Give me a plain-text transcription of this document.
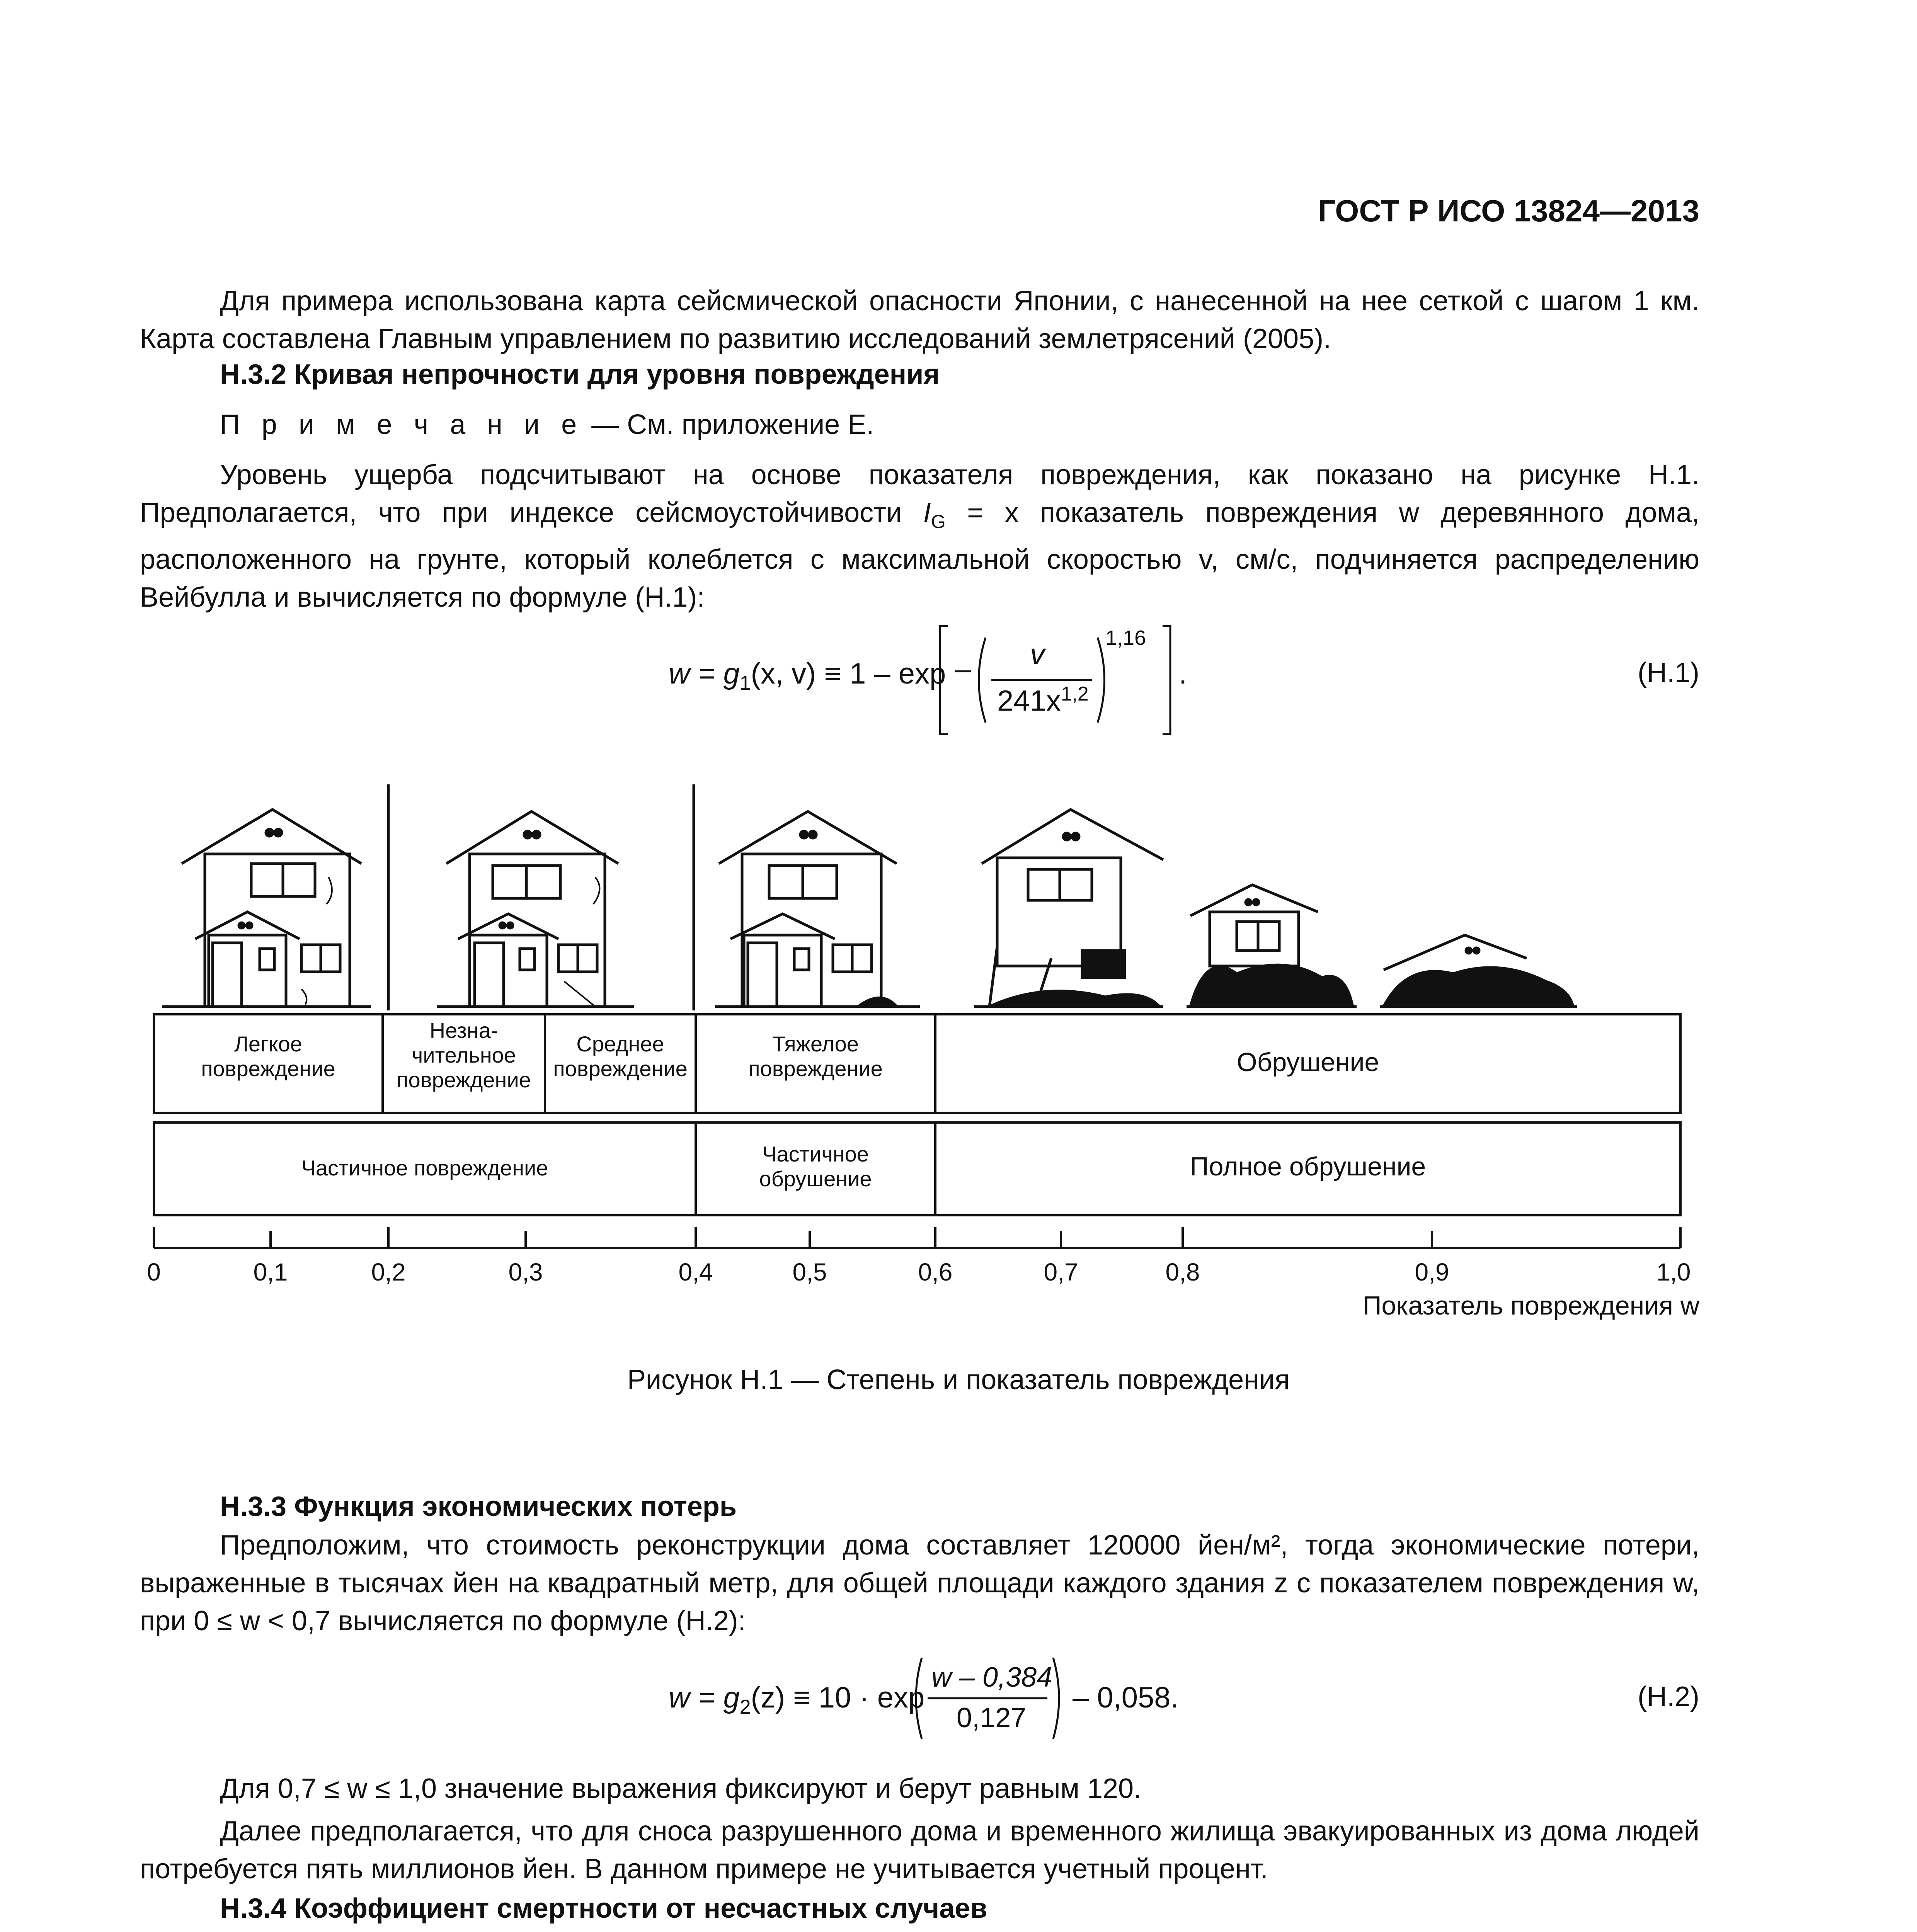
ГОСТ Р ИСО 13824—2013
Для примера использована карта сейсмической опасности Японии, с нанесенной на нее сеткой с шагом 1 км. Карта составлена Главным управлением по развитию исследований землетрясений (2005).
Н.3.2 Кривая непрочности для уровня повреждения
П р и м е ч а н и е — См. приложение Е.
Уровень ущерба подсчитывают на основе показателя повреждения, как показано на рисунке Н.1. Предполагается, что при индексе сейсмоустойчивости $I_G = x$ показатель повреждения w деревянного дома, расположенного на грунте, который колеблется с максимальной скоростью v, см/с, подчиняется распределению Вейбулла и вычисляется по формуле (Н.1):
$w = g_1(x$, v) ≡ 1 – exp – v
$241x^{1,2}$
1,16
.	(Н.1)
Легкое
повреждение
Незна-
чительное
повреждение
Среднее
повреждение
Тяжелое
повреждение	Обрушение
Частичное повреждение
Частичное
обрушение	Полное обрушение
0	0,1	0,2	0,3	0,4	0,5	0,6	0,7	0,8	0,9	1,0
Показатель повреждения w
Рисунок Н.1 — Степень и показатель повреждения
Н.3.3 Функция экономических потерь
Предположим, что стоимость реконструкции дома составляет 120000 йен/м², тогда экономические потери, выраженные в тысячах йен на квадратный метр, для общей площади каждого здания z с показателем повреждения w, при 0 ≤ w < 0,7 вычисляется по формуле (Н.2):
$w = g_2(z) \equiv 10 \cdot \exp$
w – 0,384
0,127
– 0,058.	(Н.2)
Для 0,7 ≤ w ≤ 1,0 значение выражения фиксируют и берут равным 120.
Далее предполагается, что для сноса разрушенного дома и временного жилища эвакуированных из дома людей потребуется пять миллионов йен. В данном примере не учитывается учетный процент.
Н.3.4 Коэффициент смертности от несчастных случаев
